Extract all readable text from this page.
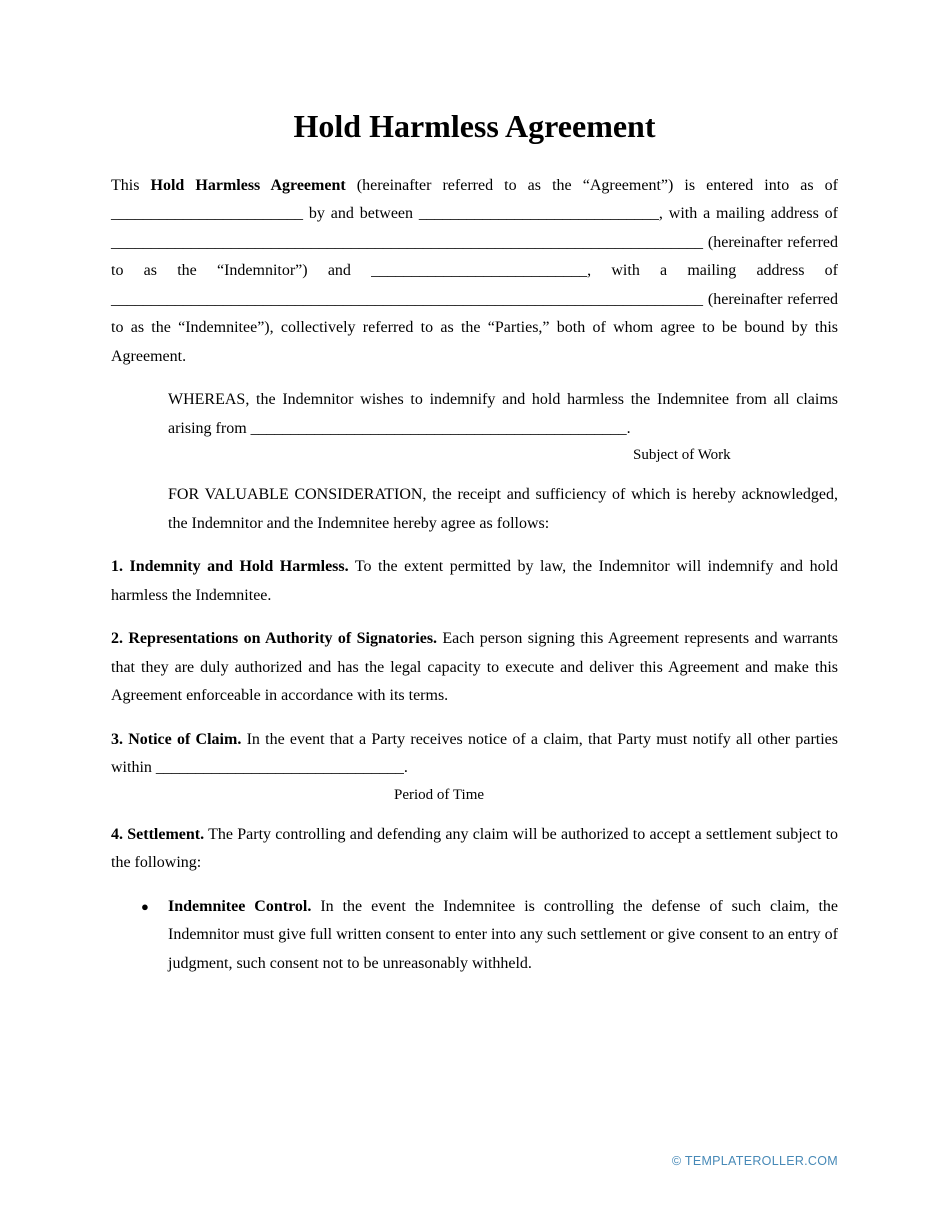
Hold Harmless Agreement

This Hold Harmless Agreement (hereinafter referred to as the “Agreement”) is entered into as of ________________________ by and between ______________________________, with a mailing address of __________________________________________________________________________ (hereinafter referred to as the “Indemnitor”) and ___________________________, with a mailing address of __________________________________________________________________________ (hereinafter referred to as the “Indemnitee”), collectively referred to as the “Parties,” both of whom agree to be bound by this Agreement.

WHEREAS, the Indemnitor wishes to indemnify and hold harmless the Indemnitee from all claims arising from _______________________________________________.

Subject of Work

FOR VALUABLE CONSIDERATION, the receipt and sufficiency of which is hereby acknowledged, the Indemnitor and the Indemnitee hereby agree as follows:

1. Indemnity and Hold Harmless. To the extent permitted by law, the Indemnitor will indemnify and hold harmless the Indemnitee.

2. Representations on Authority of Signatories. Each person signing this Agreement represents and warrants that they are duly authorized and has the legal capacity to execute and deliver this Agreement and make this Agreement enforceable in accordance with its terms.

3. Notice of Claim. In the event that a Party receives notice of a claim, that Party must notify all other parties within _______________________________.

Period of Time

4. Settlement. The Party controlling and defending any claim will be authorized to accept a settlement subject to the following:

●	Indemnitee Control. In the event the Indemnitee is controlling the defense of such claim, the Indemnitor must give full written consent to enter into any such settlement or give consent to an entry of judgment, such consent not to be unreasonably withheld.

© TEMPLATEROLLER.COM
